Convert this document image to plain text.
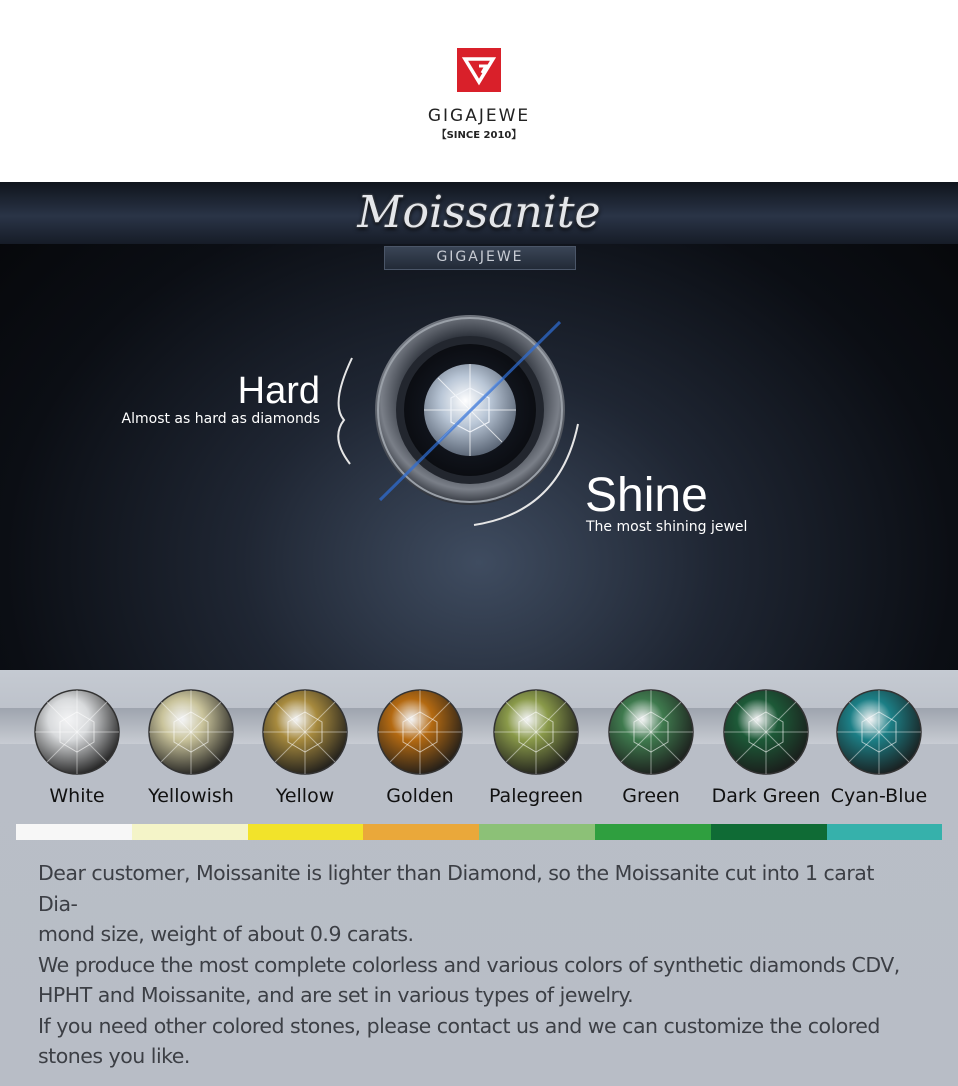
GIGAJEWE
【SINCE 2010】
Moissanite
GIGAJEWE
Hard
Almost as hard as diamonds
Shine
The most shining jewel
White	Yellowish	Yellow	Golden	Palegreen	Green	Dark Green Cyan-Blue

Dear customer, Moissanite is lighter than Diamond, so the Moissanite cut into 1 carat Dia-

mond size, weight of about 0.9 carats.

We produce the most complete colorless and various colors of synthetic diamonds CDV,

HPHT and Moissanite, and are set in various types of jewelry.

If you need other colored stones, please contact us and we can customize the colored

stones you like.
